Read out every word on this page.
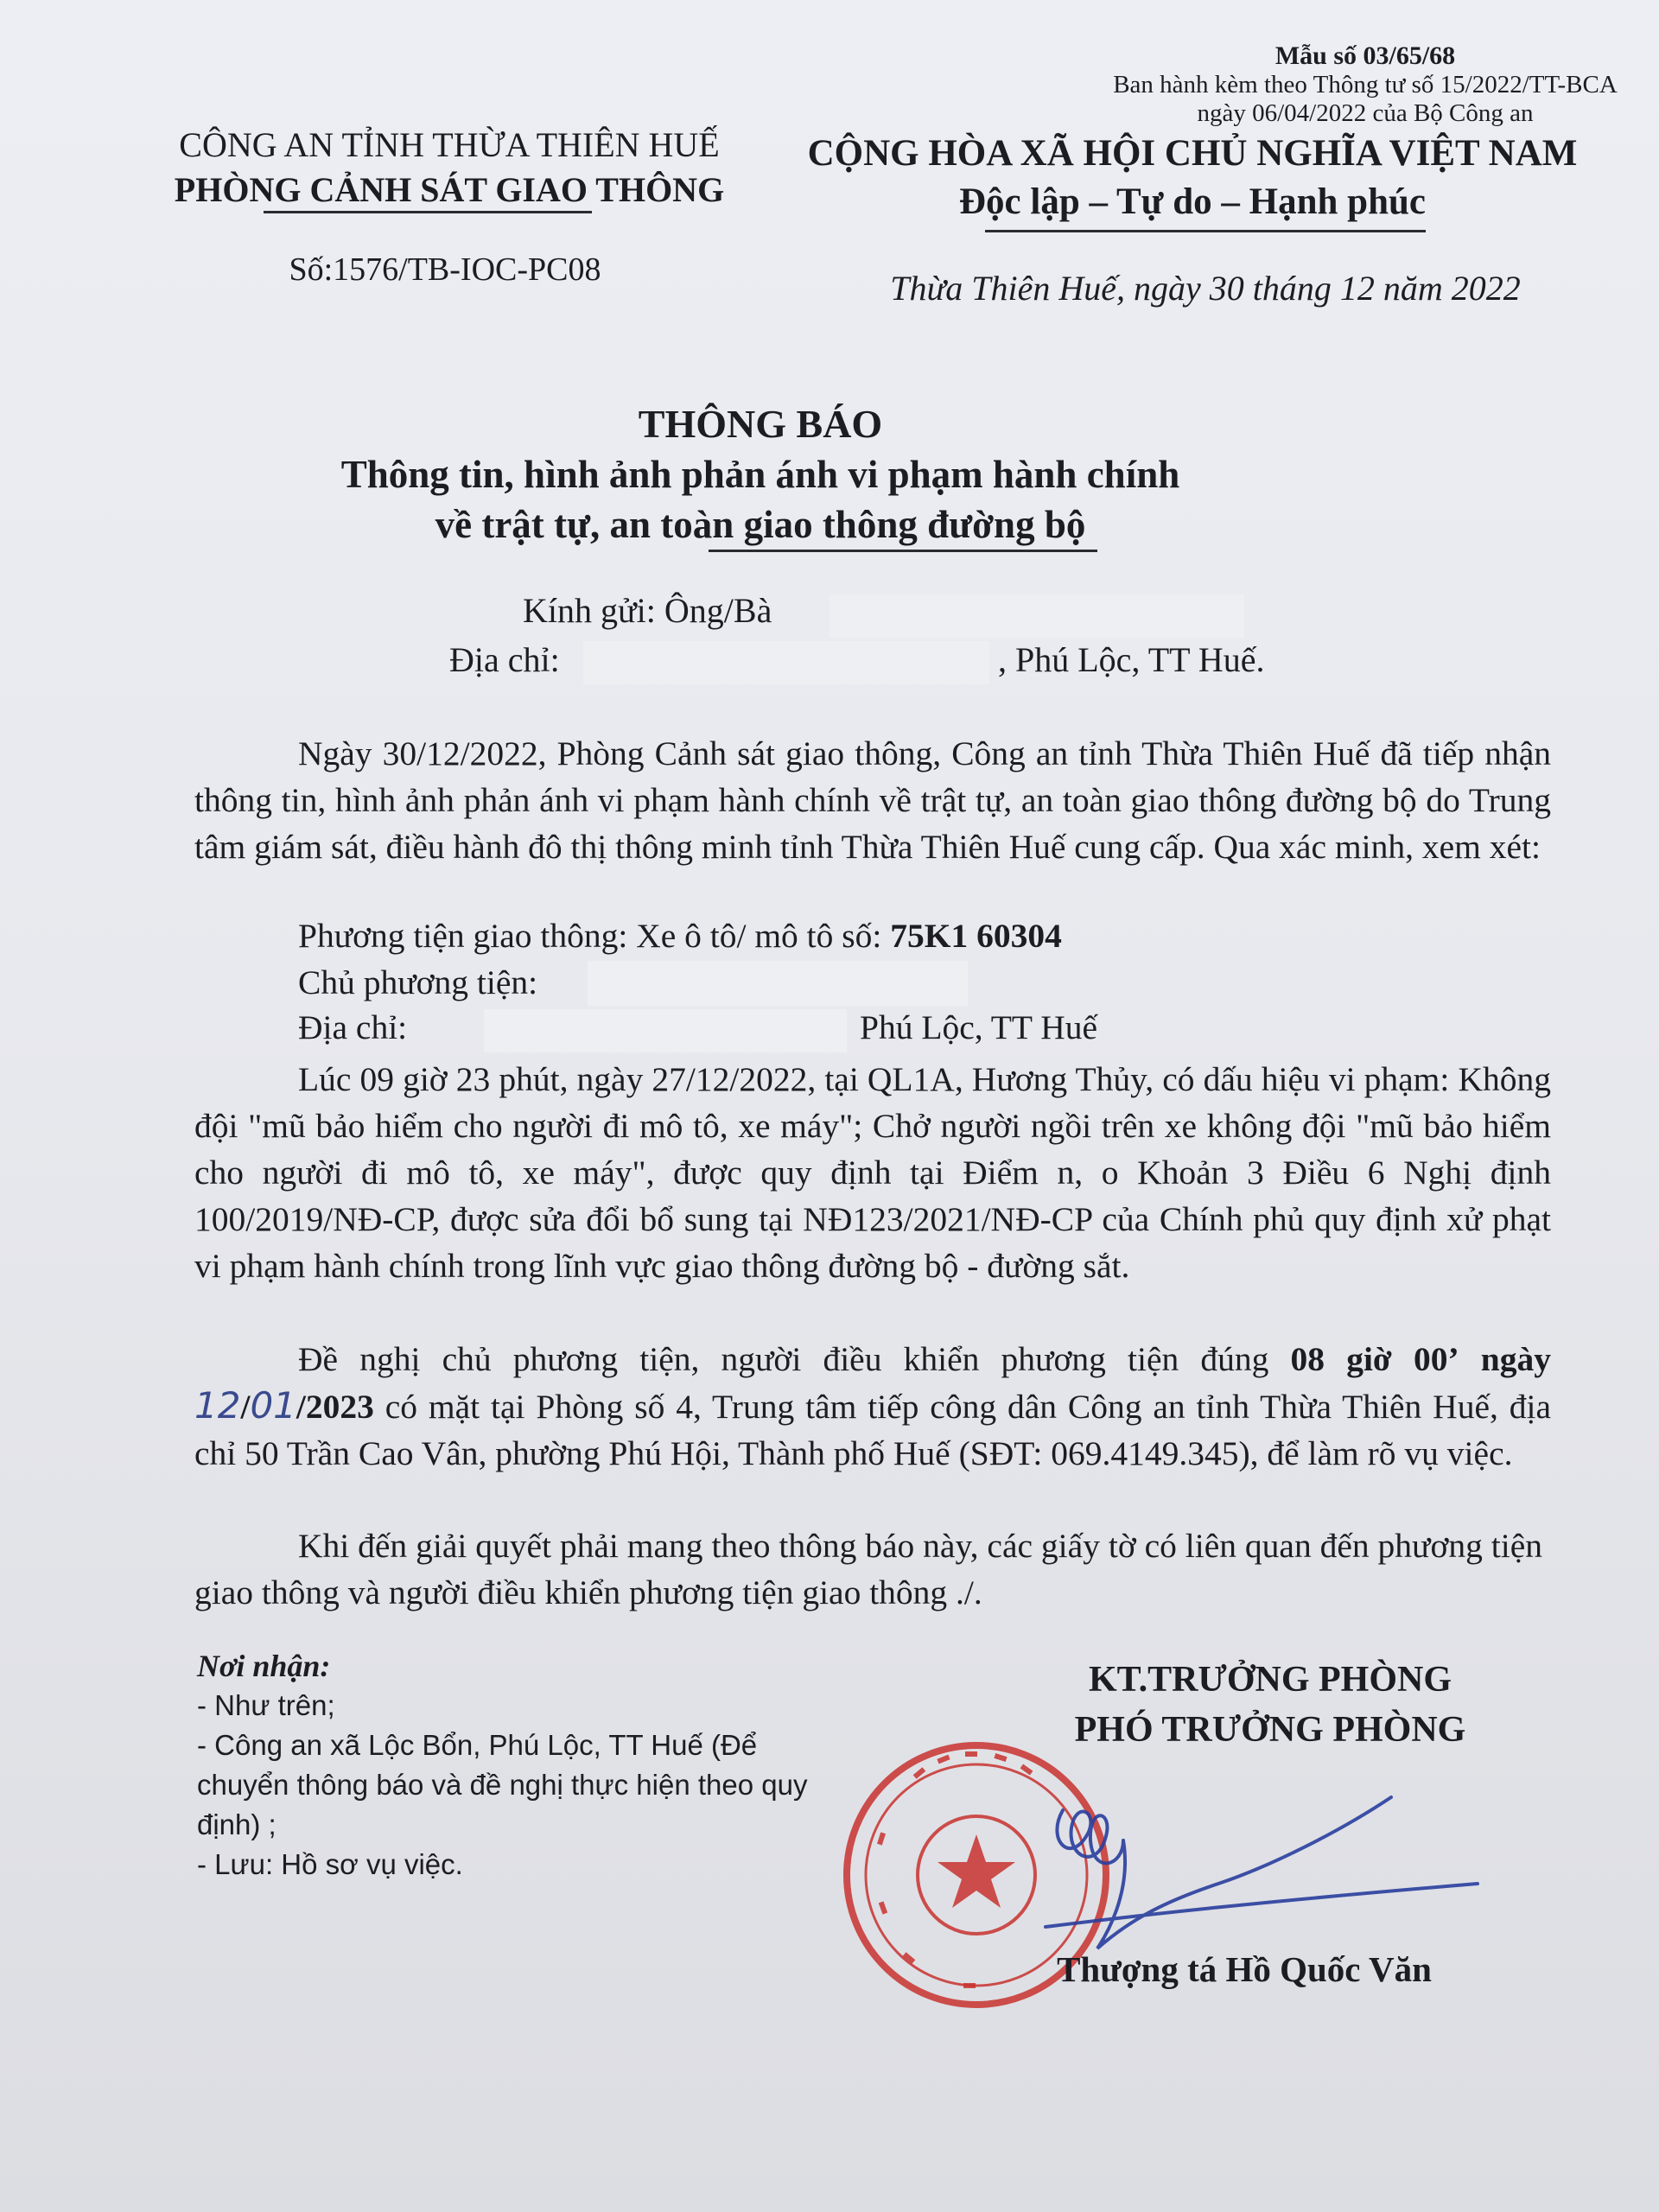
Mẫu số 03/65/68
Ban hành kèm theo Thông tư số 15/2022/TT-BCA
ngày 06/04/2022 của Bộ Công an
CÔNG AN TỈNH THỪA THIÊN HUẾ
PHÒNG CẢNH SÁT GIAO THÔNG
Số:1576/TB-IOC-PC08
CỘNG HÒA XÃ HỘI CHỦ NGHĨA VIỆT NAM
Độc lập – Tự do – Hạnh phúc
Thừa Thiên Huế, ngày 30 tháng 12 năm 2022
THÔNG BÁO
Thông tin, hình ảnh phản ánh vi phạm hành chính
về trật tự, an toàn giao thông đường bộ
Kính gửi: Ông/Bà
Địa chỉ:	, Phú Lộc, TT Huế.
Ngày 30/12/2022, Phòng Cảnh sát giao thông, Công an tỉnh Thừa Thiên Huế đã tiếp nhận thông tin, hình ảnh phản ánh vi phạm hành chính về trật tự, an toàn giao thông đường bộ do Trung tâm giám sát, điều hành đô thị thông minh tỉnh Thừa Thiên Huế cung cấp. Qua xác minh, xem xét:
Phương tiện giao thông: Xe ô tô/ mô tô số: 75K1 60304
Chủ phương tiện:
Địa chỉ:	Phú Lộc, TT Huế
Lúc 09 giờ 23 phút, ngày 27/12/2022, tại QL1A, Hương Thủy, có dấu hiệu vi phạm: Không đội "mũ bảo hiểm cho người đi mô tô, xe máy"; Chở người ngồi trên xe không đội "mũ bảo hiểm cho người đi mô tô, xe máy", được quy định tại Điểm n, o Khoản 3 Điều 6 Nghị định 100/2019/NĐ-CP, được sửa đổi bổ sung tại NĐ123/2021/NĐ-CP của Chính phủ quy định xử phạt vi phạm hành chính trong lĩnh vực giao thông đường bộ - đường sắt.
Đề nghị chủ phương tiện, người điều khiển phương tiện đúng 08 giờ 00’ ngày 12/01/2023 có mặt tại Phòng số 4, Trung tâm tiếp công dân Công an tỉnh Thừa Thiên Huế, địa chỉ 50 Trần Cao Vân, phường Phú Hội, Thành phố Huế (SĐT: 069.4149.345), để làm rõ vụ việc.
Khi đến giải quyết phải mang theo thông báo này, các giấy tờ có liên quan đến phương tiện giao thông và người điều khiển phương tiện giao thông ./.
Nơi nhận:
- Như trên;
- Công an xã Lộc Bổn, Phú Lộc, TT Huế (Để chuyển thông báo và đề nghị thực hiện theo quy định) ;
- Lưu: Hồ sơ vụ việc.
KT.TRƯỞNG PHÒNG
PHÓ TRƯỞNG PHÒNG
Thượng tá Hồ Quốc Văn
